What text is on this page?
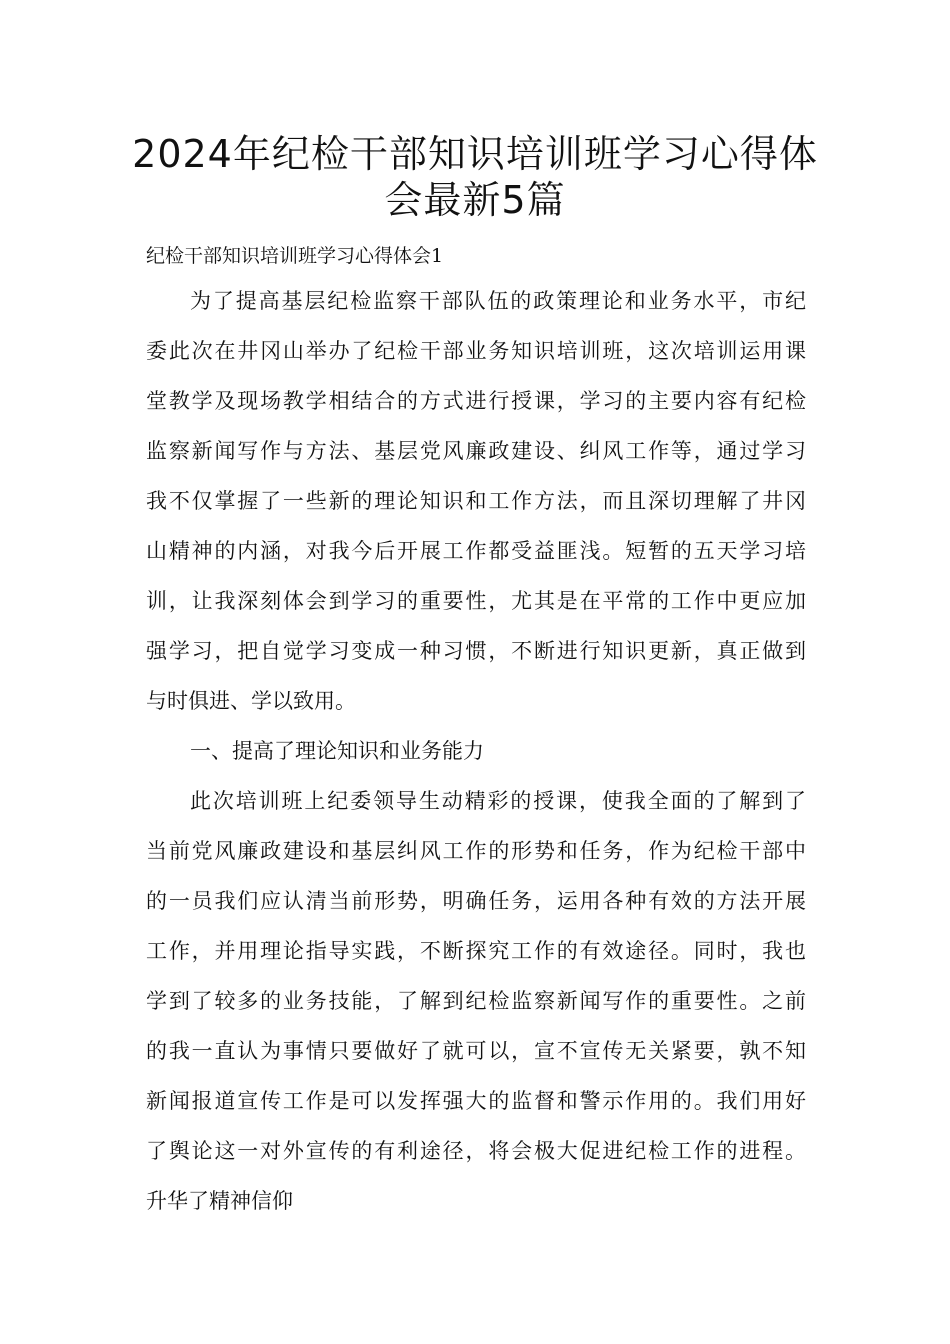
2024年纪检干部知识培训班学习心得体
会最新5篇

纪检干部知识培训班学习心得体会1

为了提高基层纪检监察干部队伍的政策理论和业务水平，市纪

委此次在井冈山举办了纪检干部业务知识培训班，这次培训运用课

堂教学及现场教学相结合的方式进行授课，学习的主要内容有纪检

监察新闻写作与方法、基层党风廉政建设、纠风工作等，通过学习

我不仅掌握了一些新的理论知识和工作方法，而且深切理解了井冈

山精神的内涵，对我今后开展工作都受益匪浅。短暂的五天学习培

训，让我深刻体会到学习的重要性，尤其是在平常的工作中更应加

强学习，把自觉学习变成一种习惯，不断进行知识更新，真正做到

与时俱进、学以致用。

一、提高了理论知识和业务能力

此次培训班上纪委领导生动精彩的授课，使我全面的了解到了

当前党风廉政建设和基层纠风工作的形势和任务，作为纪检干部中

的一员我们应认清当前形势，明确任务，运用各种有效的方法开展

工作，并用理论指导实践，不断探究工作的有效途径。同时，我也

学到了较多的业务技能，了解到纪检监察新闻写作的重要性。之前

的我一直认为事情只要做好了就可以，宣不宣传无关紧要，孰不知

新闻报道宣传工作是可以发挥强大的监督和警示作用的。我们用好

了舆论这一对外宣传的有利途径，将会极大促进纪检工作的进程。

升华了精神信仰
